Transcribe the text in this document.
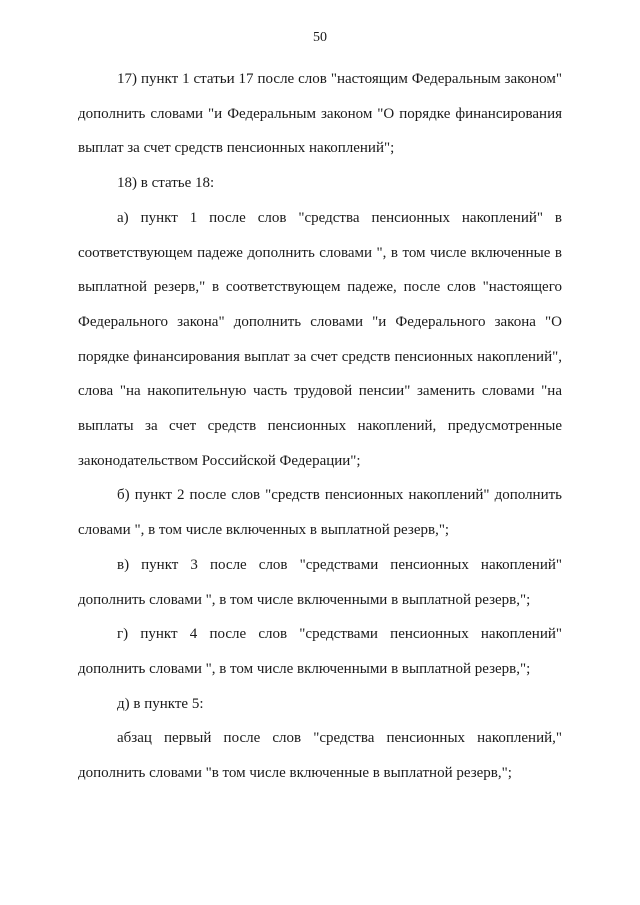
50

17) пункт 1 статьи 17 после слов "настоящим Федеральным законом" дополнить словами "и Федеральным законом "О порядке финансирования выплат за счет средств пенсионных накоплений";

18) в статье 18:

а) пункт 1 после слов "средства пенсионных накоплений" в соответствующем падеже дополнить словами ", в том числе включенные в выплатной резерв," в соответствующем падеже, после слов "настоящего Федерального закона" дополнить словами "и Федерального закона "О порядке финансирования выплат за счет средств пенсионных накоплений", слова "на накопительную часть трудовой пенсии" заменить словами "на выплаты за счет средств пенсионных накоплений, предусмотренные законодательством Российской Федерации";

б) пункт 2 после слов "средств пенсионных накоплений" дополнить словами ", в том числе включенных в выплатной резерв,";

в) пункт 3 после слов "средствами пенсионных накоплений" дополнить словами ", в том числе включенными в выплатной резерв,";

г) пункт 4 после слов "средствами пенсионных накоплений" дополнить словами ", в том числе включенными в выплатной резерв,";

д) в пункте 5:

абзац первый после слов "средства пенсионных накоплений," дополнить словами "в том числе включенные в выплатной резерв,";
